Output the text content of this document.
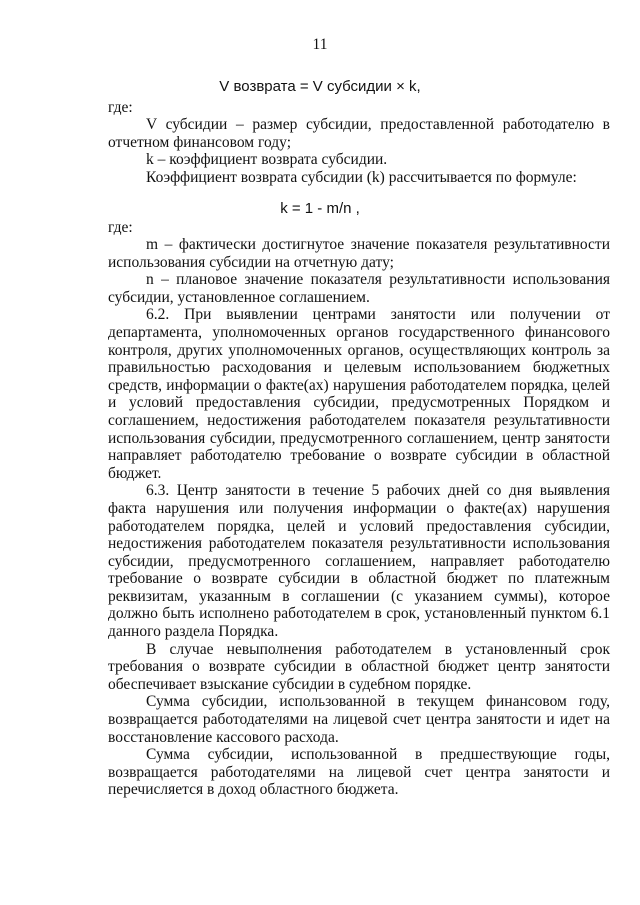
11
V возврата = V субсидии × k,
где:

V субсидии – размер субсидии, предоставленной работодателю в отчетном финансовом году;

k – коэффициент возврата субсидии.

Коэффициент возврата субсидии (k) рассчитывается по формуле:

k = 1 - m/n ,
где:

m – фактически достигнутое значение показателя результативности использования субсидии на отчетную дату;

n – плановое значение показателя результативности использования субсидии, установленное соглашением.

6.2. При выявлении центрами занятости или получении от департамента, уполномоченных органов государственного финансового контроля, других уполномоченных органов, осуществляющих контроль за правильностью расходования и целевым использованием бюджетных средств, информации о факте(ах) нарушения работодателем порядка, целей и условий предоставления субсидии, предусмотренных Порядком и соглашением, недостижения работодателем показателя результативности использования субсидии, предусмотренного соглашением, центр занятости направляет работодателю требование о возврате субсидии в областной бюджет.

6.3. Центр занятости в течение 5 рабочих дней со дня выявления факта нарушения или получения информации о факте(ах) нарушения работодателем порядка, целей и условий предоставления субсидии, недостижения работодателем показателя результативности использования субсидии, предусмотренного соглашением, направляет работодателю требование о возврате субсидии в областной бюджет по платежным реквизитам, указанным в соглашении (с указанием суммы), которое должно быть исполнено работодателем в срок, установленный пунктом 6.1 данного раздела Порядка.

В случае невыполнения работодателем в установленный срок требования о возврате субсидии в областной бюджет центр занятости обеспечивает взыскание субсидии в судебном порядке.

Сумма субсидии, использованной в текущем финансовом году, возвращается работодателями на лицевой счет центра занятости и идет на восстановление кассового расхода.

Сумма субсидии, использованной в предшествующие годы, возвращается работодателями на лицевой счет центра занятости и перечисляется в доход областного бюджета.
